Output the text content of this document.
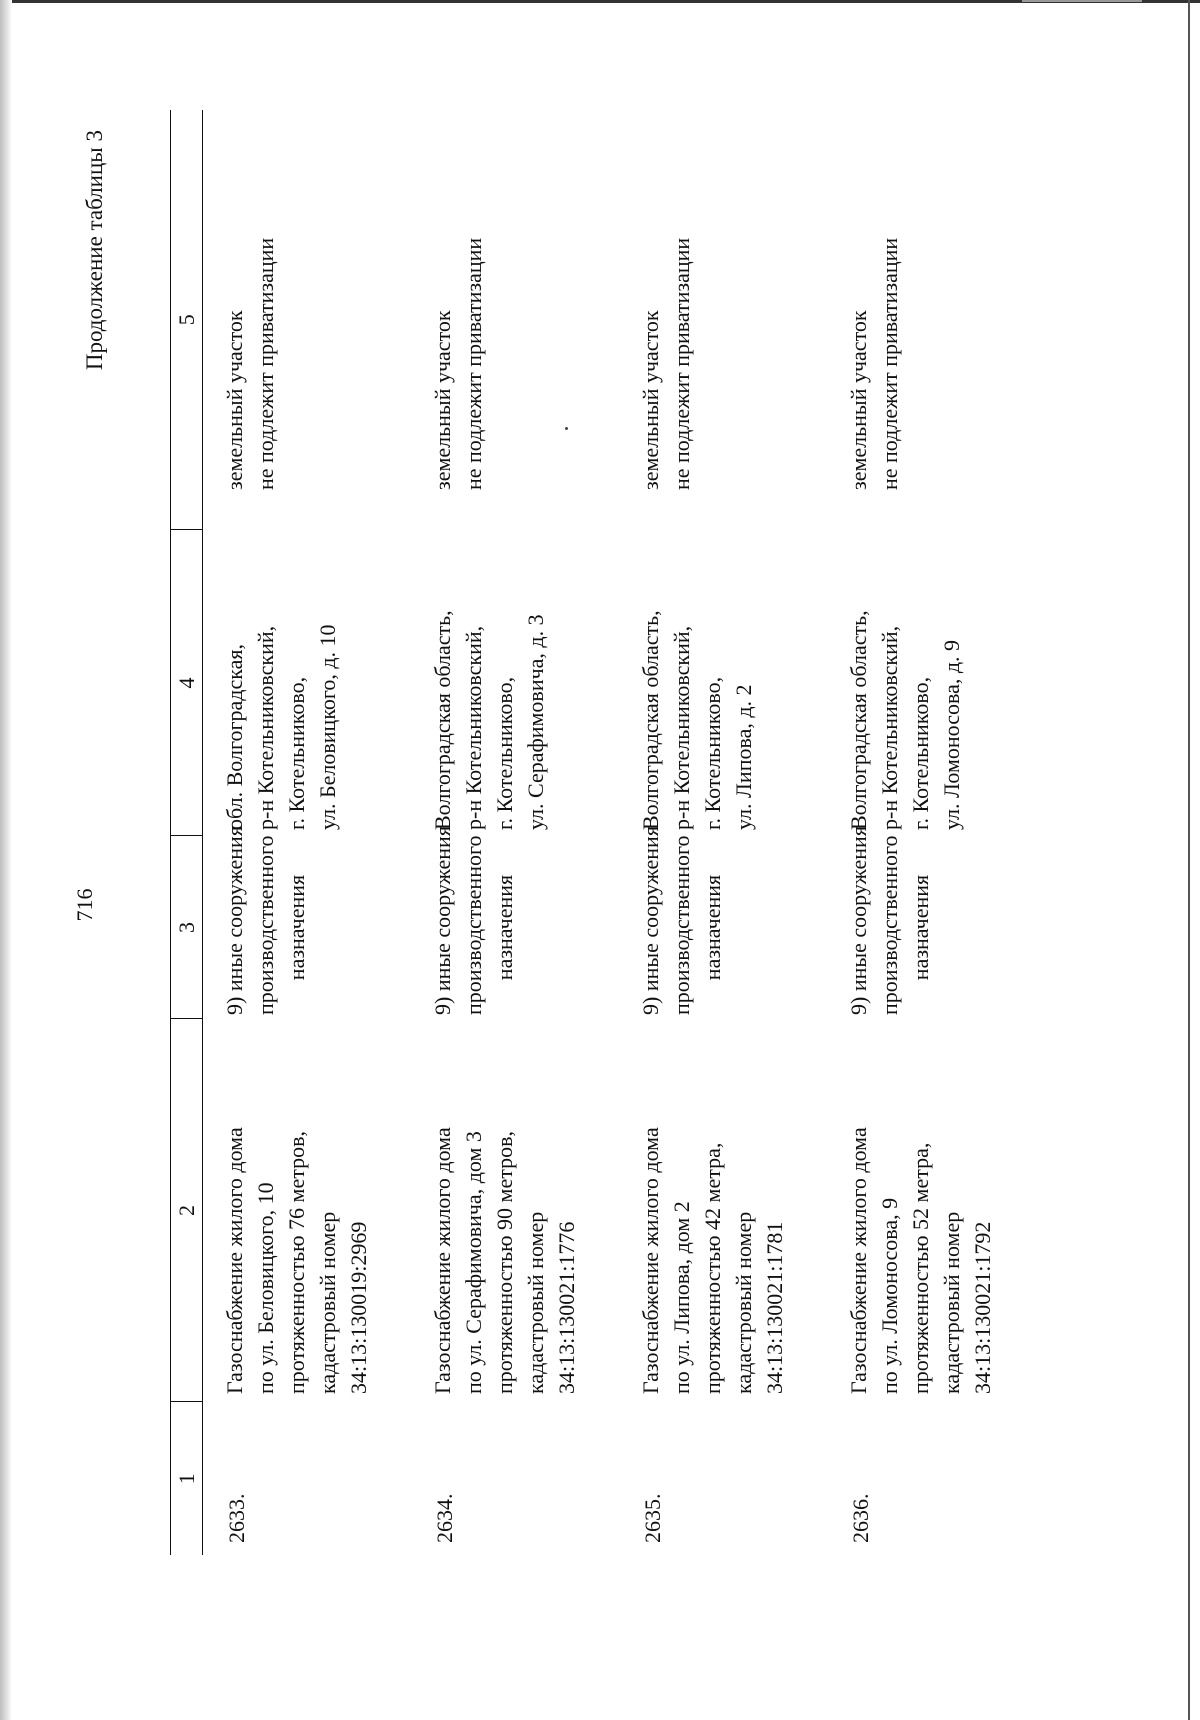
716
Продолжение таблицы 3
1	2	3	4	5
2633.	Газоснабжение жилого дома по ул. Беловицкого, 10 протяженностью 76 метров, кадастровый номер 34:13:130019:2969	9) иные сооружения производственного назначения	обл. Волгоградская, р-н Котельниковский, г. Котельниково, ул. Беловицкого, д. 10	земельный участок не подлежит приватизации

2634.	Газоснабжение жилого дома по ул. Серафимовича, дом 3 протяженностью 90 метров, кадастровый номер 34:13:130021:1776	9) иные сооружения производственного назначения	Волгоградская область, р-н Котельниковский, г. Котельниково, ул. Серафимовича, д. 3	земельный участок не подлежит приватизации

2635.	Газоснабжение жилого дома по ул. Липова, дом 2 протяженностью 42 метра, кадастровый номер 34:13:130021:1781	9) иные сооружения производственного назначения	Волгоградская область, р-н Котельниковский, г. Котельниково, ул. Липова, д. 2	земельный участок не подлежит приватизации

2636.	Газоснабжение жилого дома по ул. Ломоносова, 9 протяженностью 52 метра, кадастровый номер 34:13:130021:1792	9) иные сооружения производственного назначения	Волгоградская область, р-н Котельниковский, г. Котельниково, ул. Ломоносова, д. 9	земельный участок не подлежит приватизации
